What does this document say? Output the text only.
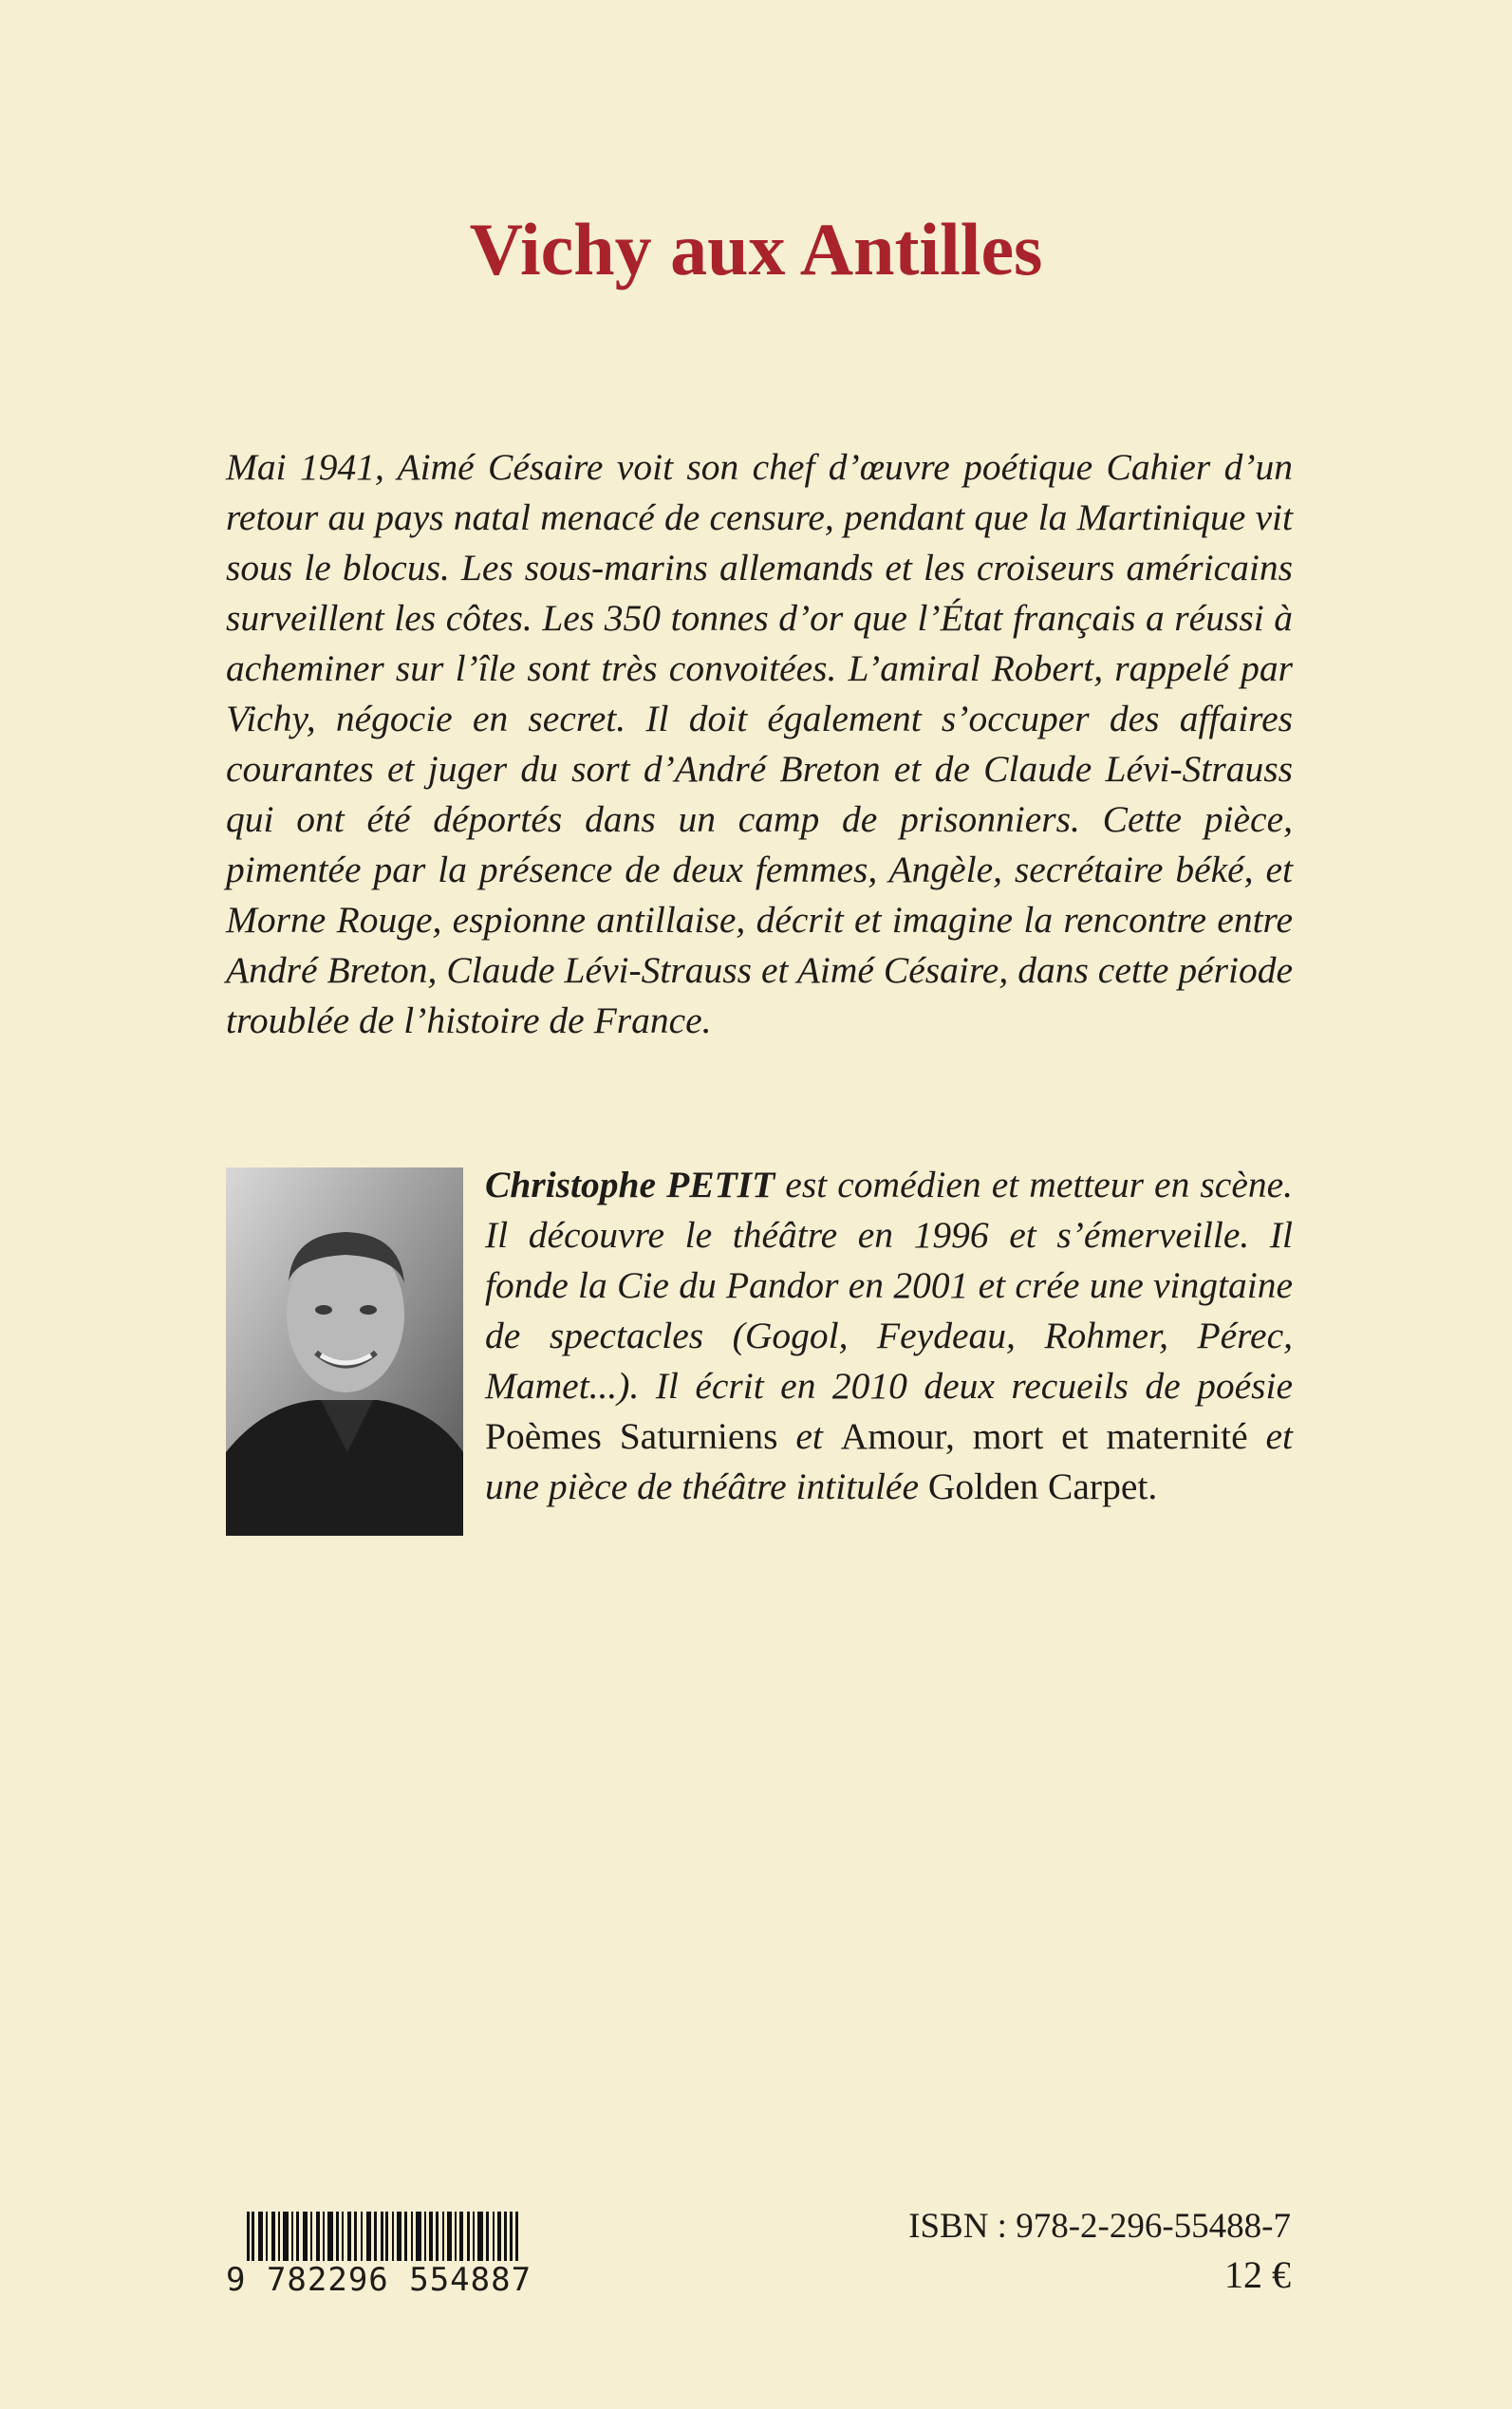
Vichy aux Antilles

Mai 1941, Aimé Césaire voit son chef d’œuvre poétique Cahier d’un retour au pays natal menacé de censure, pendant que la Martinique vit sous le blocus. Les sous-marins allemands et les croiseurs américains surveillent les côtes. Les 350 tonnes d’or que l’État français a réussi à acheminer sur l’île sont très convoitées. L’amiral Robert, rappelé par Vichy, négocie en secret. Il doit également s’occuper des affaires courantes et juger du sort d’André Breton et de Claude Lévi-Strauss qui ont été déportés dans un camp de prisonniers. Cette pièce, pimentée par la présence de deux femmes, Angèle, secrétaire béké, et Morne Rouge, espionne antillaise, décrit et imagine la rencontre entre André Breton, Claude Lévi-Strauss et Aimé Césaire, dans cette période troublée de l’histoire de France.

Christophe PETIT est comédien et metteur en scène. Il découvre le théâtre en 1996 et s’émerveille. Il fonde la Cie du Pandor en 2001 et crée une vingtaine de spectacles (Gogol, Feydeau, Rohmer, Pérec, Mamet...). Il écrit en 2010 deux recueils de poésie Poèmes Saturniens et Amour, mort et maternité et une pièce de théâtre intitulée Golden Carpet.

9 782296 554887

ISBN : 978-2-296-55488-7

12 €
